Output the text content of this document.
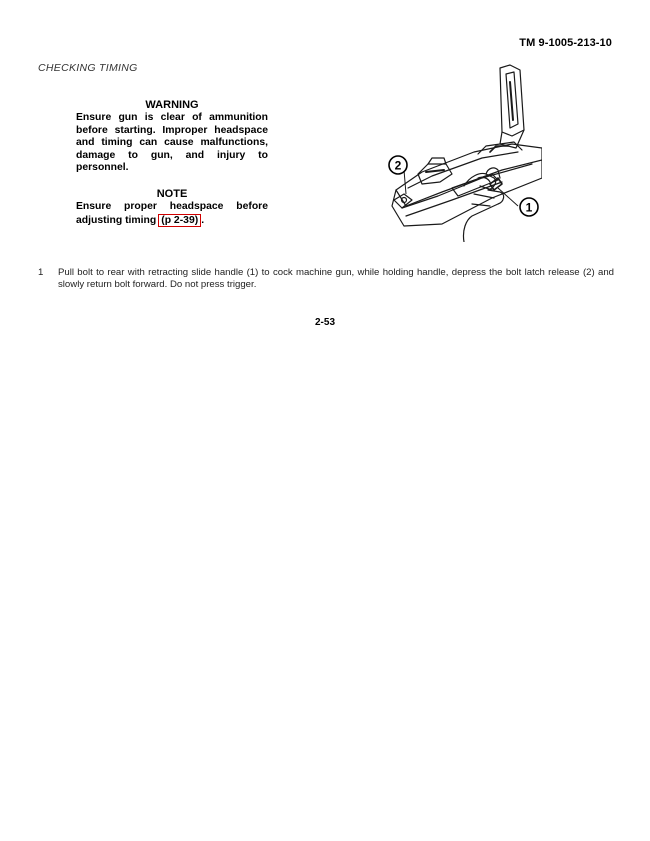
TM 9-1005-213-10
CHECKING TIMING

WARNING

Ensure gun is clear of ammunition before starting. Improper headspace and timing can cause malfunctions, damage to gun, and injury to personnel.

NOTE

Ensure proper headspace before adjusting timing (p 2-39) .

2
1
1 Pull bolt to rear with retracting slide handle (1) to cock machine gun, while holding handle, depress the bolt latch release (2) and slowly return bolt forward. Do not press trigger.
2-53
